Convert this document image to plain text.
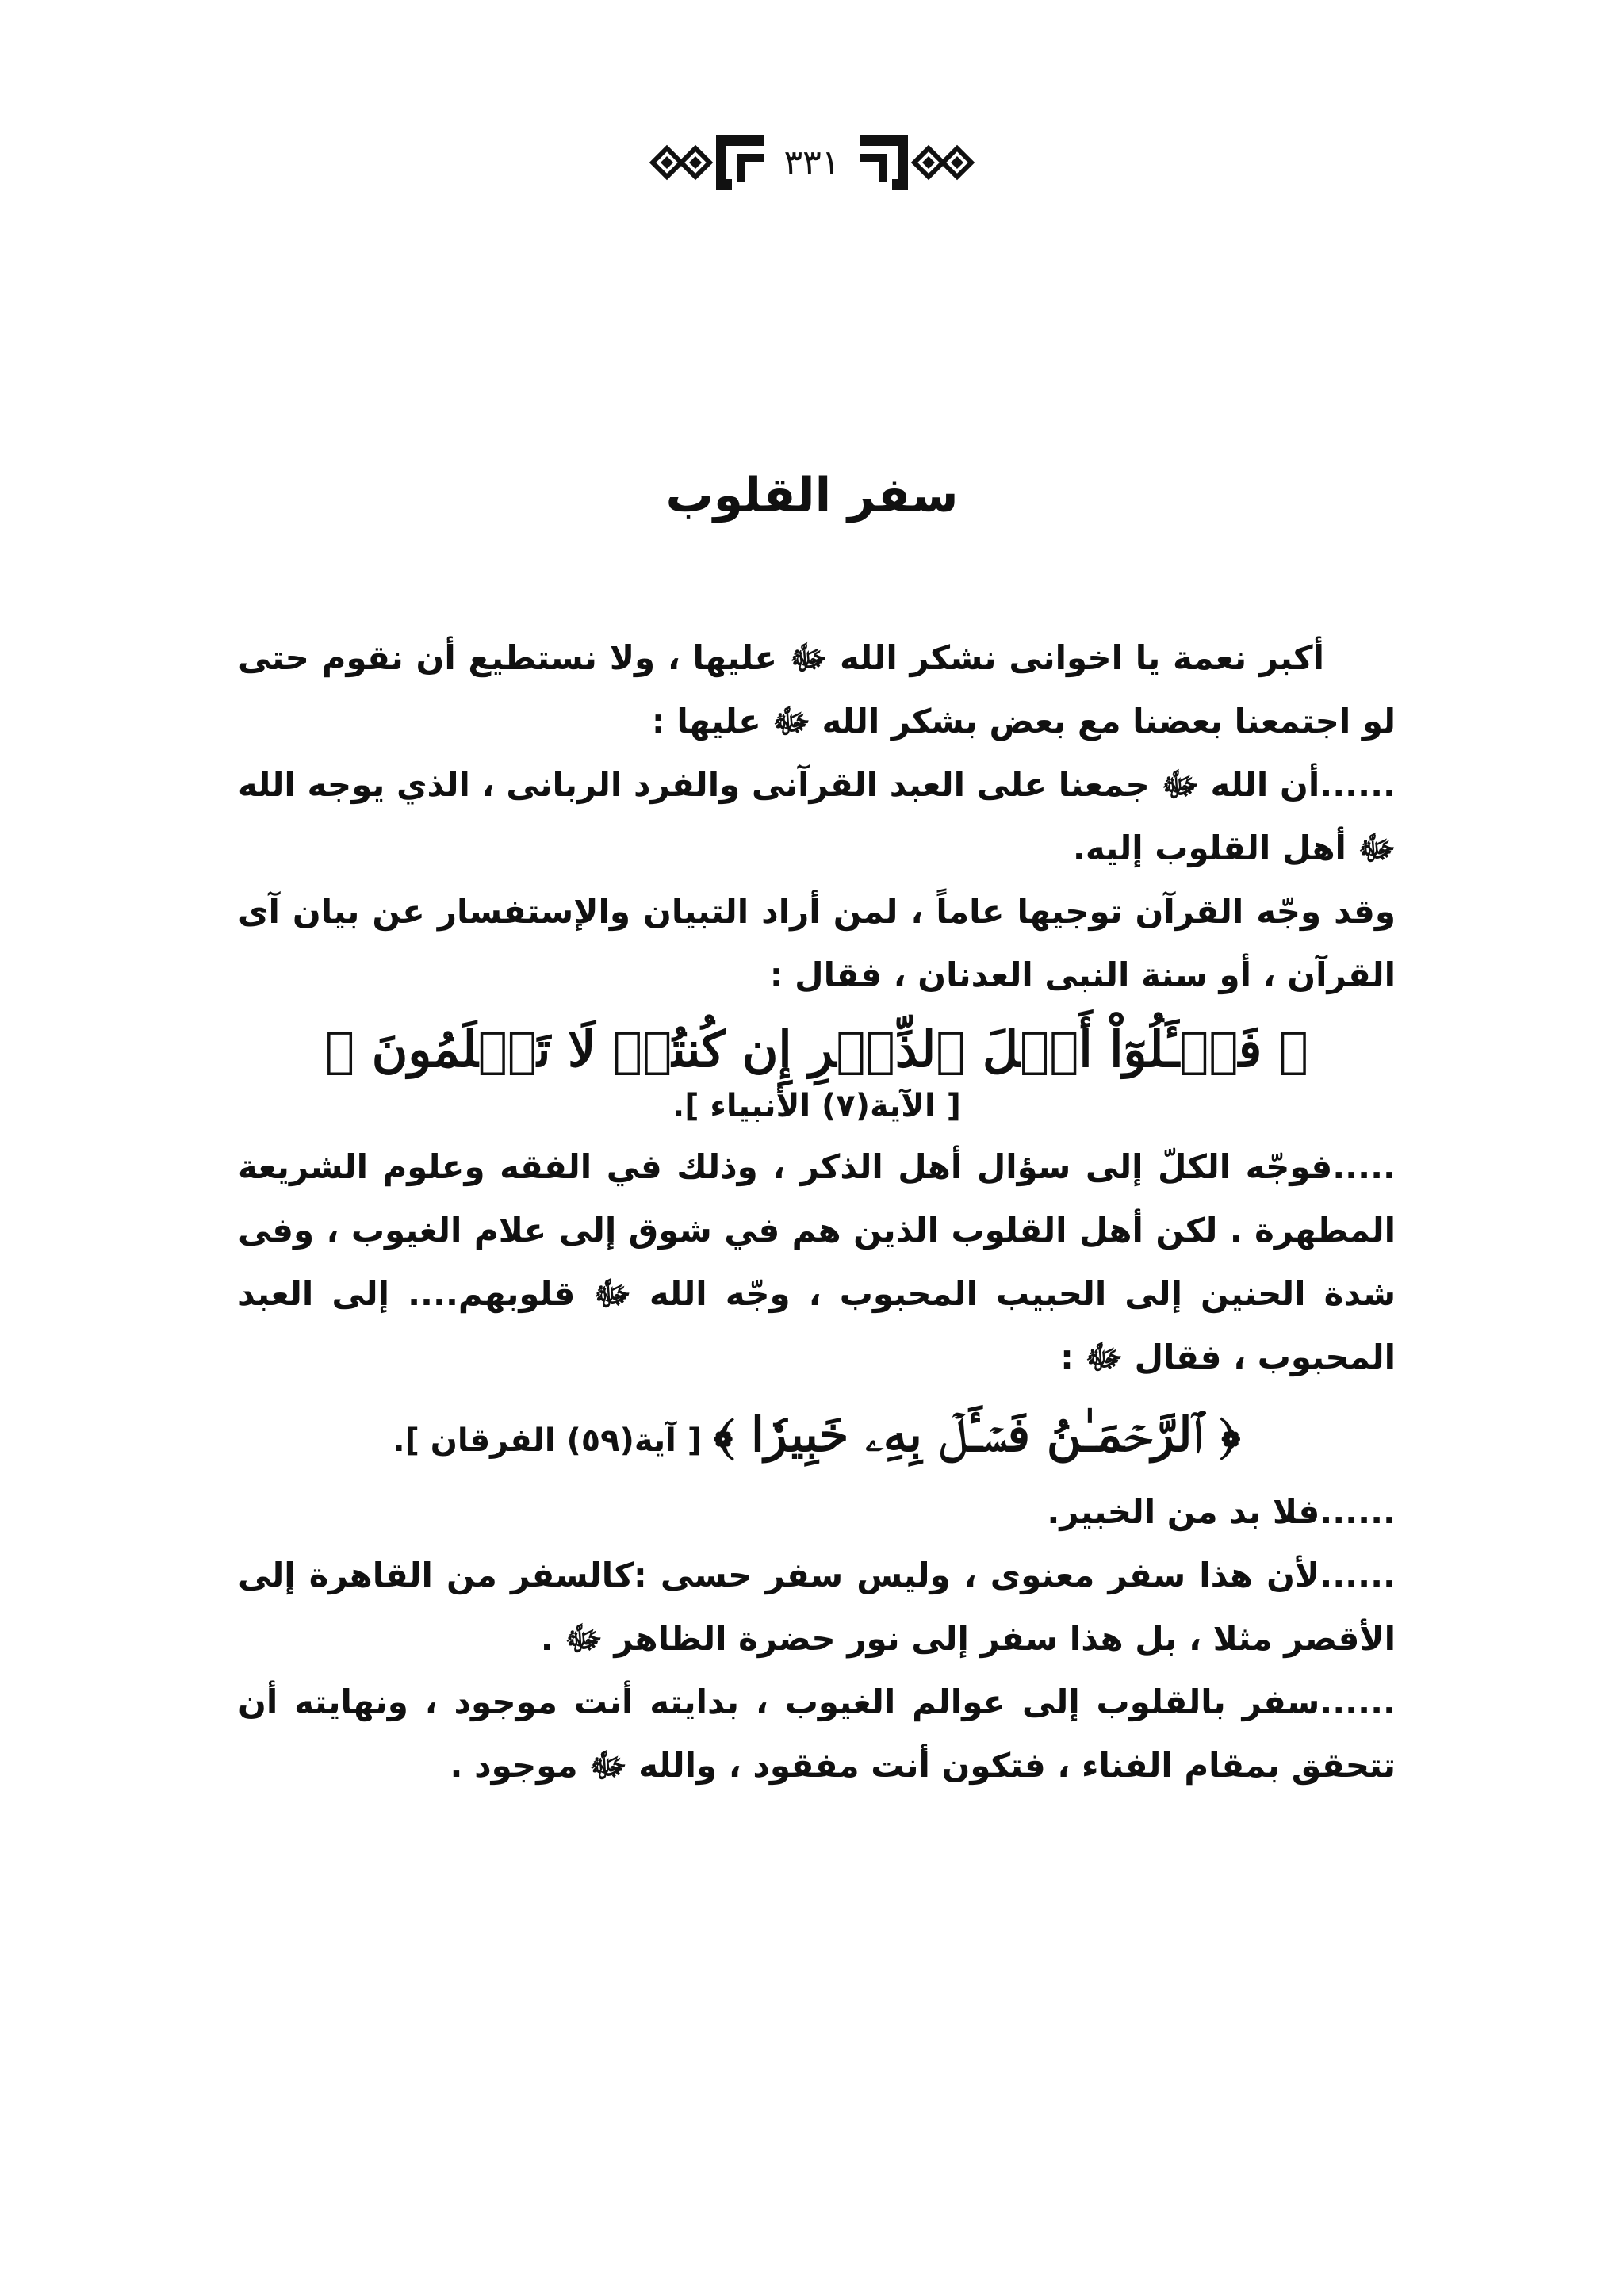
٣٣١
سفر القلوب

أكبر نعمة يا اخوانى نشكر الله ﷻ عليها ، ولا نستطيع أن نقوم حتى لو اجتمعنا بعضنا مع بعض بشكر الله ﷻ عليها :

......أن الله ﷻ جمعنا على العبد القرآنى والفرد الربانى ، الذي يوجه الله ﷻ أهل القلوب إليه.

وقد وجّه القرآن توجيها عاماً ، لمن أراد التبيان والإستفسار عن بيان آى القرآن ، أو سنة النبى العدنان ، فقال :

﴿ فَسۡـَٔلُوٓاْ أَهۡلَ ٱلذِّكۡرِ إِن كُنتُمۡ لَا تَعۡلَمُونَ ﴾

[ الآية(٧) الأنبياء ].

.....فوجّه الكلّ إلى سؤال أهل الذكر ، وذلك في الفقه وعلوم الشريعة المطهرة . لكن أهل القلوب الذين هم في شوق إلى علام الغيوب ، وفى شدة الحنين إلى الحبيب المحبوب ، وجّه الله ﷻ قلوبهم.... إلى العبد المحبوب ، فقال ﷻ :

﴿ ٱلرَّحۡمَـٰنُ فَسۡـَٔلۡ بِهِۦ خَبِيرٗا ﴾ [ آية(٥٩) الفرقان ].

......فلا بد من الخبير.

......لأن هذا سفر معنوى ، وليس سفر حسى :كالسفر من القاهرة إلى الأقصر مثلا ، بل هذا سفر إلى نور حضرة الظاهر ﷻ .

......سفر بالقلوب إلى عوالم الغيوب ، بدايته أنت موجود ، ونهايته أن تتحقق بمقام الفناء ، فتكون أنت مفقود ، والله ﷻ موجود .
